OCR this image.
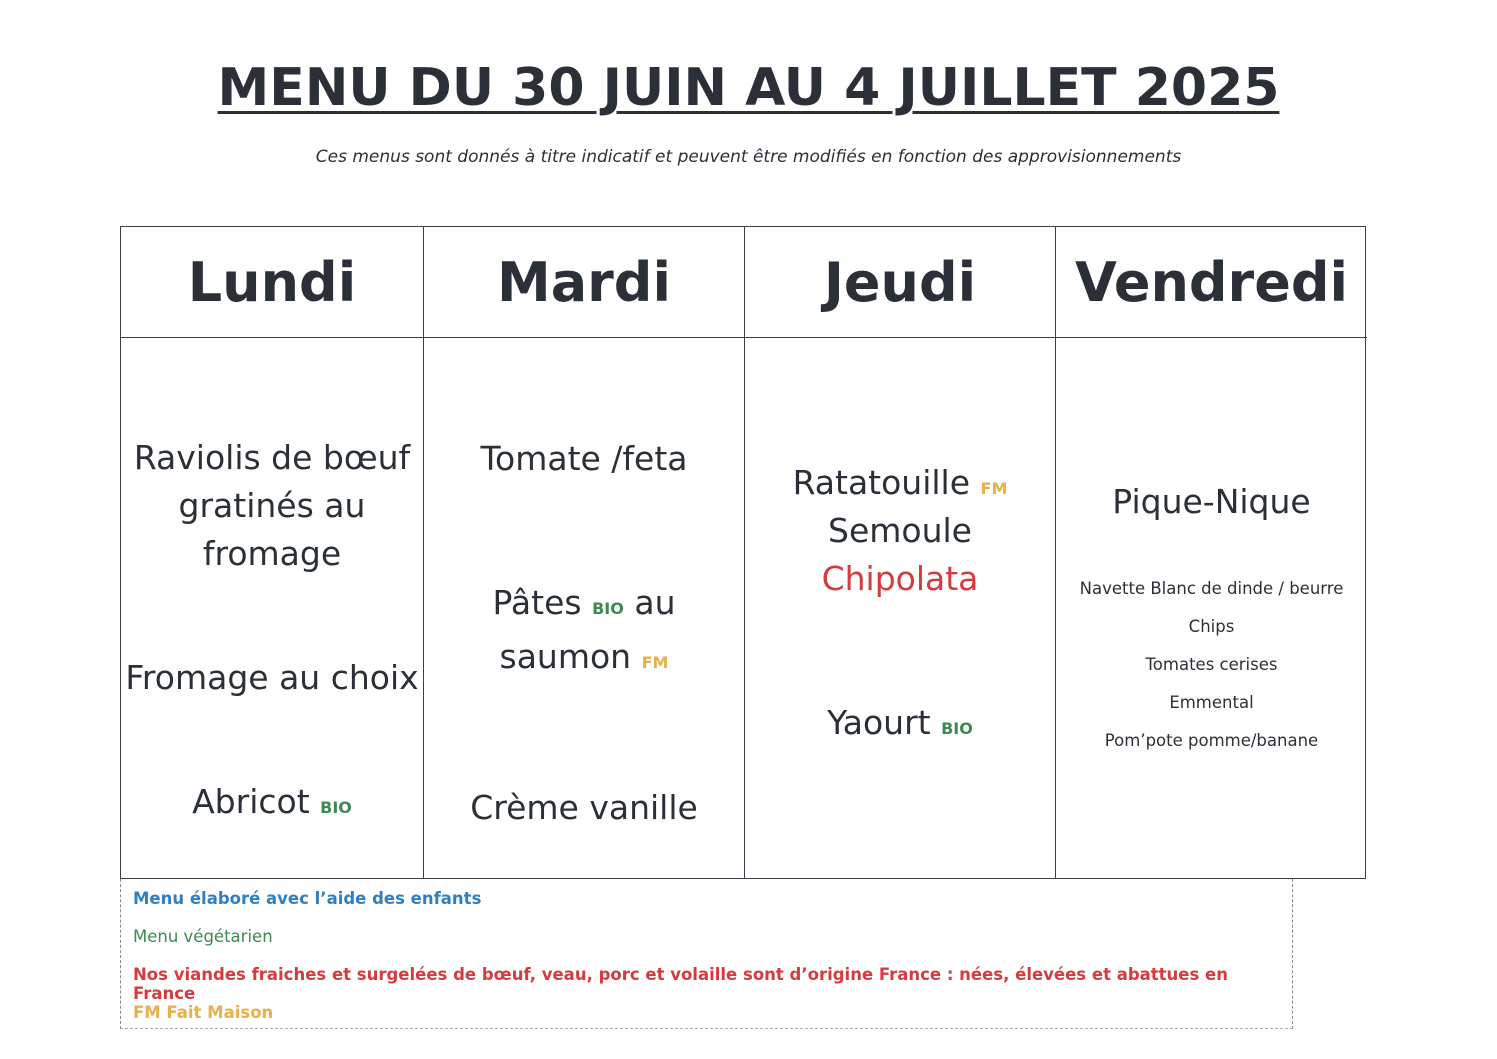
MENU DU 30 JUIN AU 4 JUILLET 2025
Ces menus sont donnés à titre indicatif et peuvent être modifiés en fonction des approvisionnements
Lundi
Raviolis de bœuf
gratinés au
fromage
Fromage au choix
Abricot BIO
Mardi
Tomate /feta
Pâtes BIO au
saumon FM
Crème vanille
Jeudi
Ratatouille FM
Semoule
Chipolata
Yaourt BIO
Vendredi
Pique-Nique
Navette Blanc de dinde / beurre
Chips
Tomates cerises
Emmental
Pom’pote pomme/banane
Menu élaboré avec l’aide des enfants
Menu végétarien
Nos viandes fraiches et surgelées de bœuf, veau, porc et volaille sont d’origine France : nées, élevées et abattues en France
FM Fait Maison
